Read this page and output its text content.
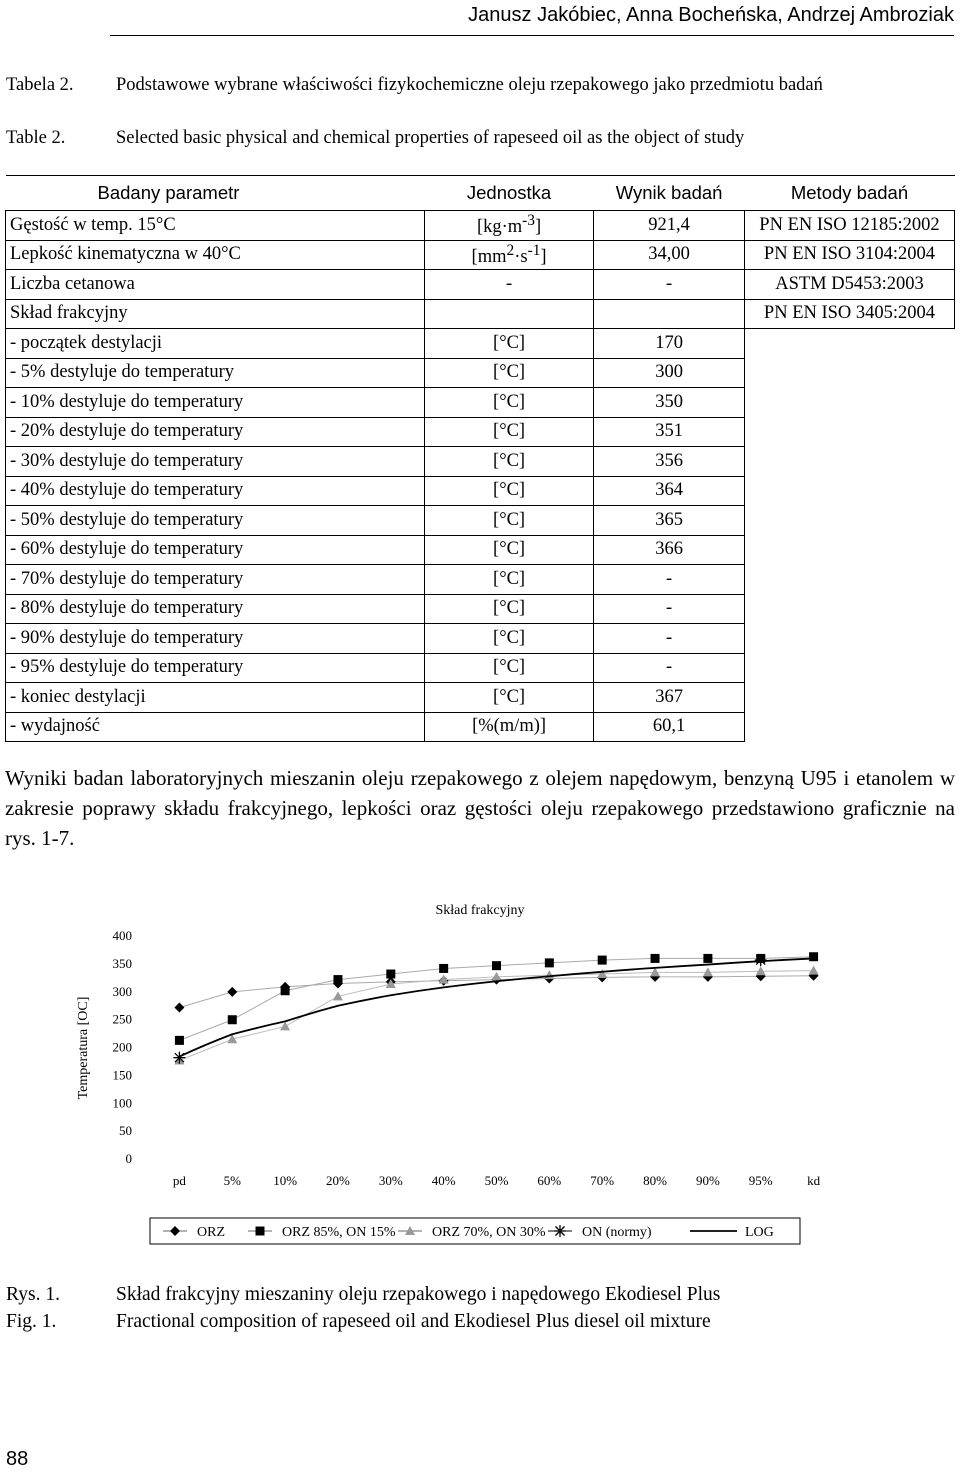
Janusz Jakóbiec, Anna Bocheńska, Andrzej Ambroziak
Tabela 2. Podstawowe wybrane właściwości fizykochemiczne oleju rzepakowego jako przedmiotu badań
Table 2.	Selected basic physical and chemical properties of rapeseed oil as the object of study
Badany parametr	Jednostka	Wynik badań	Metody badań
Gęstość w temp. 15°C	$[kg\cdot m^{-3}]$	921,4	PN EN ISO 12185:2002
Lepkość kinematyczna w 40°C	$[mm^2\cdot s^{-1}]$	34,00	PN EN ISO 3104:2004
Liczba cetanowa	-	-	ASTM D5453:2003
Skład frakcyjny			PN EN ISO 3405:2004
- początek destylacji	[°C]	170	
- 5% destyluje do temperatury	[°C]	300	
- 10% destyluje do temperatury	[°C]	350	
- 20% destyluje do temperatury	[°C]	351	
- 30% destyluje do temperatury	[°C]	356	
- 40% destyluje do temperatury	[°C]	364	
- 50% destyluje do temperatury	[°C]	365	
- 60% destyluje do temperatury	[°C]	366	
- 70% destyluje do temperatury	[°C]	-	
- 80% destyluje do temperatury	[°C]	-	
- 90% destyluje do temperatury	[°C]	-	
- 95% destyluje do temperatury	[°C]	-	
- koniec destylacji	[°C]	367	
- wydajność	[%(m/m)]	60,1	
Wyniki badan laboratoryjnych mieszanin oleju rzepakowego z olejem napędowym, benzyną U95 i etanolem w zakresie poprawy składu frakcyjnego, lepkości oraz gęstości oleju rzepakowego przedstawiono graficznie na rys. 1-7.
Skład frakcyjny
Temperatura [OC]
0
50
100
150
200
250
300
350
400
pd	5% 10% 20% 30% 40% 50% 60% 70% 80% 90% 95%	kd
ORZ	ORZ 85%, ON 15%	ORZ 70%, ON 30%	ON (normy)	LOG
Rys. 1.	Skład frakcyjny mieszaniny oleju rzepakowego i napędowego Ekodiesel Plus
Fig. 1.	Fractional composition of rapeseed oil and Ekodiesel Plus diesel oil mixture
88
